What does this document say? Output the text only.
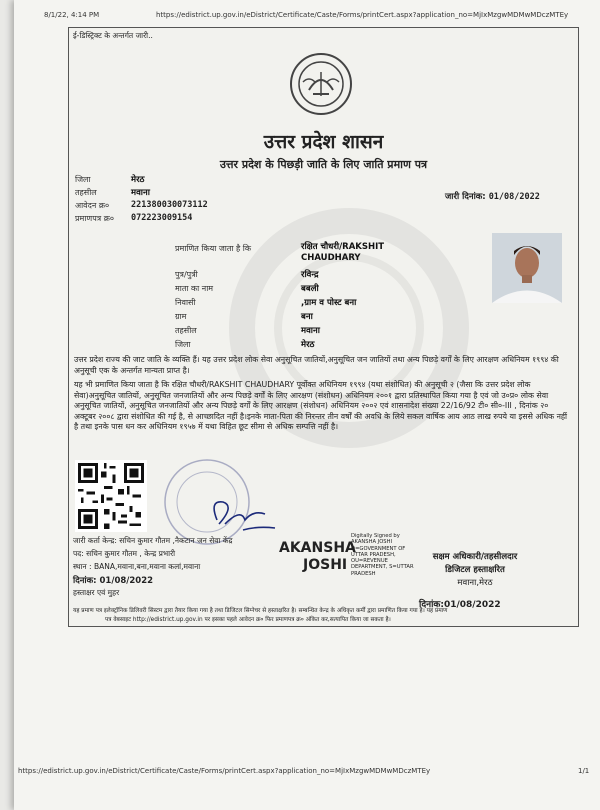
8/1/22, 4:14 PM	https://edistrict.up.gov.in/eDistrict/Certificate/Caste/Forms/printCert.aspx?application_no=MjIxMzgwMDMwMDczMTEy
ई-डिस्ट्रिक्ट के अन्तर्गत जारी..
उत्तर प्रदेश शासन
उत्तर प्रदेश के पिछड़ी जाति के लिए जाति प्रमाण पत्र
जिला	मेरठ
तहसील	मवाना
आवेदन क्र०	221380030073112
प्रमाणपत्र क्र० 072223009154
जारी दिनांक: 01/08/2022
प्रमाणित किया जाता है कि	रक्षित चौधरी/RAKSHIT CHAUDHARY
पुत्र/पुत्री	रविन्द्र
माता का नाम	बबली
निवासी	,ग्राम व पोस्ट बना
ग्राम	बना
तहसील	मवाना
जिला	मेरठ
उत्तर प्रदेश राज्य की जाट जाति के व्यक्ति हैं। यह उत्तर प्रदेश लोक सेवा अनुसूचित जातियों,अनुसूचित जन जातियों तथा अन्य पिछड़े वर्गों के लिए आरक्षण अधिनियम १९९४ की अनुसूची एक के अन्तर्गत मान्यता प्राप्त है।
यह भी प्रमाणित किया जाता है कि रक्षित चौधरी/RAKSHIT CHAUDHARY पूर्वोक्त अधिनियम १९९४ (यथा संशोधित) की अनुसूची २ (जैसा कि उत्तर प्रदेश लोक सेवा)अनुसूचित जातियों, अनुसूचित जनजातियों और अन्य पिछड़े वर्गों के लिए आरक्षण (संशोधन) अधिनियम २००१ द्वारा प्रतिस्थापित किया गया है एवं जो उ०प्र० लोक सेवा अनुसूचित जातियों, अनुसूचित जनजातियों और अन्य पिछड़े वर्गों के लिए आरक्षण (संशोधन) अधिनियम २००२ एवं शासनादेश संख्या 22/16/92 टी० सी०-III , दिनांक २० अक्टूबर २००८ द्वारा संशोधित की गई है, से आच्छादित नहीं है।इनके माता-पिता की निरन्तर तीन वर्षों की अवधि के लिये सकल वार्षिक आय आठ लाख रुपये या इससे अधिक नहीं है तथा इनके पास धन कर अधिनियम १९५७ में यथा विहित छूट सीमा से अधिक सम्पत्ति नहीं है।
जारी कर्ता केन्द्र: सचिन कुमार गौतम ,नैकटान जन सेवा केंद्र
पद: सचिन कुमार गौतम , केन्द्र प्रभारी
स्थान : BANA,मवाना,बना,मवाना कलां,मवाना
दिनांक: 01/08/2022
हस्ताक्षर एवं मुहर
AKANSHA
JOSHI
Digitally Signed by
AKANSHA JOSHI
O=GOVERNMENT OF
UTTAR PRADESH,
OU=REVENUE
DEPARTMENT, S=UTTAR
PRADESH
सक्षम अधिकारी/तहसीलदार
डिजिटल हस्ताक्षरित
मवाना,मेरठ
दिनांक:01/08/2022
यह प्रमाण पत्र इलेक्ट्रॉनिक डिलिवरी सिस्टम द्वारा तैयार किया गया है तथा डिजिटल सिग्नेचर से हस्ताक्षरित है। सम्बन्धित केन्द्र के अधिकृत कर्मी द्वारा प्रमाणित किया गया है। यह प्रमाण
पत्र वेबसाइट http://edistrict.up.gov.in पर इसका पहले आवेदन क्र० फिर प्रमाणपत्र क्र० अंकित कर,सत्यापित किया जा सकता है।
https://edistrict.up.gov.in/eDistrict/Certificate/Caste/Forms/printCert.aspx?application_no=MjIxMzgwMDMwMDczMTEy	1/1
